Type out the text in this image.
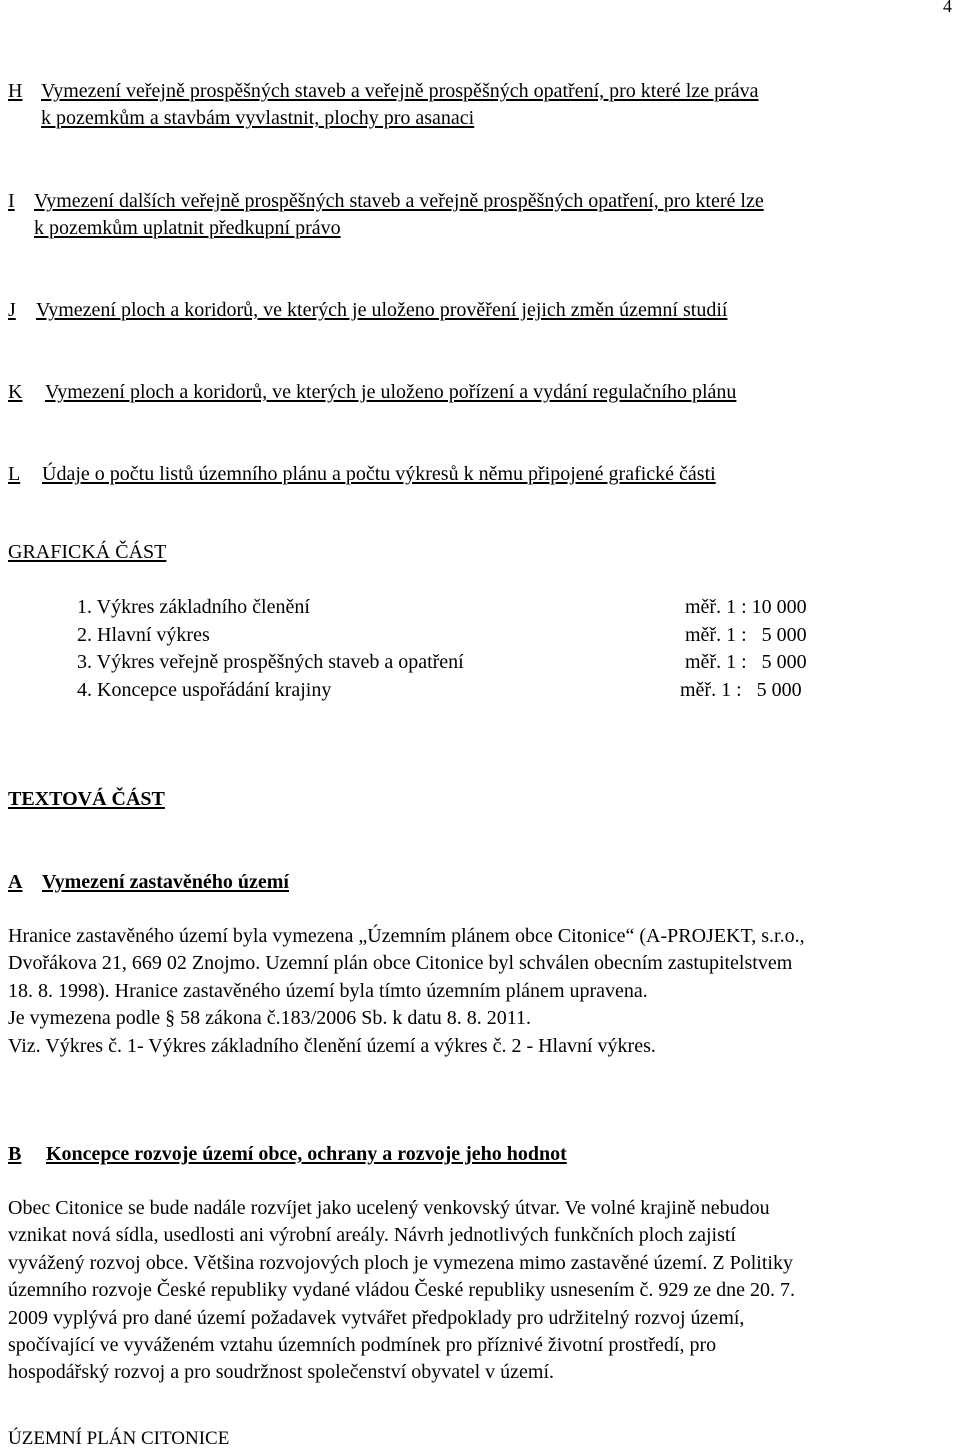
4
H Vymezení veřejně prospěšných staveb a veřejně prospěšných opatření, pro které lze práva
k pozemkům a stavbám vyvlastnit, plochy pro asanaci
I Vymezení dalších veřejně prospěšných staveb a veřejně prospěšných opatření, pro které lze
k pozemkům uplatnit předkupní právo
J Vymezení ploch a koridorů, ve kterých je uloženo prověření jejich změn územní studií
K Vymezení ploch a koridorů, ve kterých je uloženo pořízení a vydání regulačního plánu
L Údaje o počtu listů územního plánu a počtu výkresů k němu připojené grafické části
GRAFICKÁ ČÁST
1. Výkres základního členění	měř. 1 : 10 000
2. Hlavní výkres	měř. 1 :   5 000
3. Výkres veřejně prospěšných staveb a opatření	měř. 1 :   5 000
4. Koncepce uspořádání krajiny	měř. 1 :   5 000
TEXTOVÁ ČÁST
A Vymezení zastavěného území
Hranice zastavěného území byla vymezena „Územním plánem obce Citonice“ (A-PROJEKT, s.r.o.,
Dvořákova 21, 669 02 Znojmo. Uzemní plán obce Citonice byl schválen obecním zastupitelstvem
18. 8. 1998). Hranice zastavěného území byla tímto územním plánem upravena.
Je vymezena podle § 58 zákona č.183/2006 Sb. k datu 8. 8. 2011.
Viz. Výkres č. 1- Výkres základního členění území a výkres č. 2 - Hlavní výkres.
B Koncepce rozvoje území obce, ochrany a rozvoje jeho hodnot
Obec Citonice se bude nadále rozvíjet jako ucelený venkovský útvar. Ve volné krajině nebudou
vznikat nová sídla, usedlosti ani výrobní areály. Návrh jednotlivých funkčních ploch zajistí
vyvážený rozvoj obce. Většina rozvojových ploch je vymezena mimo zastavěné území. Z Politiky
územního rozvoje České republiky vydané vládou České republiky usnesením č. 929 ze dne 20. 7.
2009 vyplývá pro dané území požadavek vytvářet předpoklady pro udržitelný rozvoj území,
spočívající ve vyváženém vztahu územních podmínek pro příznivé životní prostředí, pro
hospodářský rozvoj a pro soudržnost společenství obyvatel v území.
ÚZEMNÍ PLÁN CITONICE
